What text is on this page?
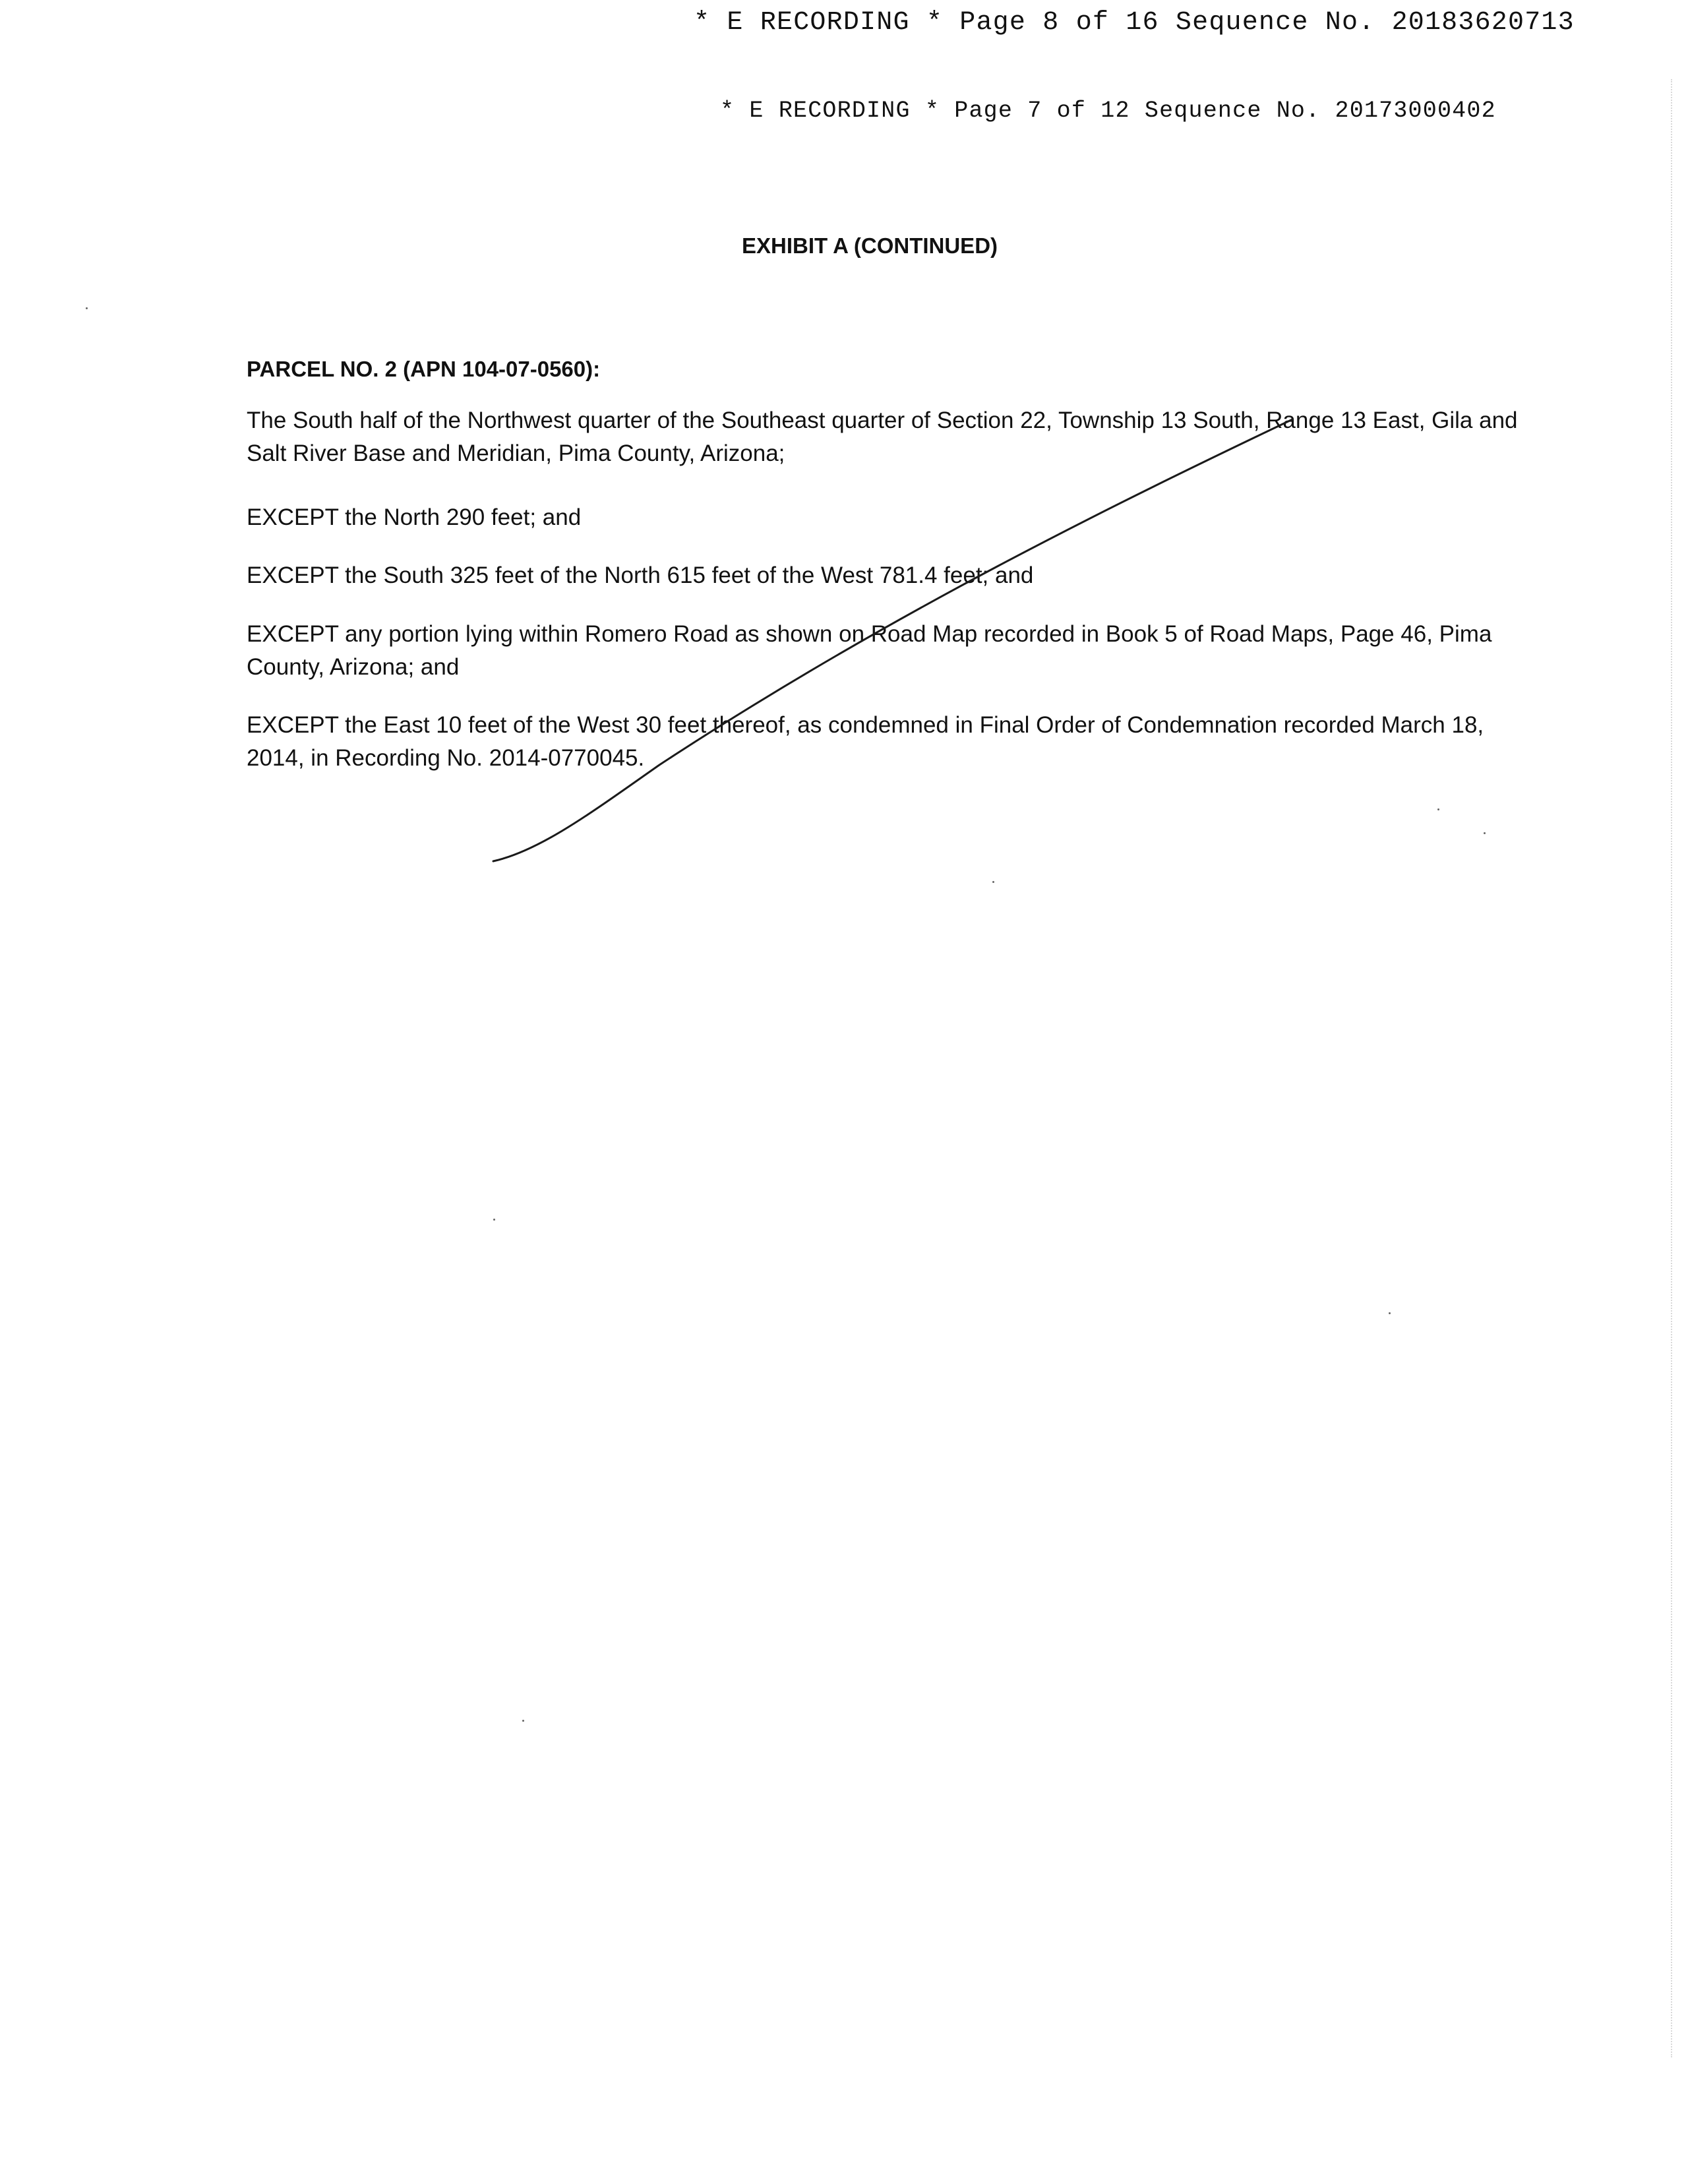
* E RECORDING * Page 8 of 16 Sequence No. 20183620713
* E RECORDING * Page 7 of 12 Sequence No. 20173000402
EXHIBIT A (CONTINUED)
PARCEL NO. 2 (APN 104-07-0560):
The South half of the Northwest quarter of the Southeast quarter of Section 22, Township 13 South, Range 13 East, Gila and Salt River Base and Meridian, Pima County, Arizona;
EXCEPT the North 290 feet; and
EXCEPT the South 325 feet of the North 615 feet of the West 781.4 feet; and
EXCEPT any portion lying within Romero Road as shown on Road Map recorded in Book 5 of Road Maps, Page 46, Pima County, Arizona; and
EXCEPT the East 10 feet of the West 30 feet thereof, as condemned in Final Order of Condemnation recorded March 18, 2014, in Recording No. 2014-0770045.
